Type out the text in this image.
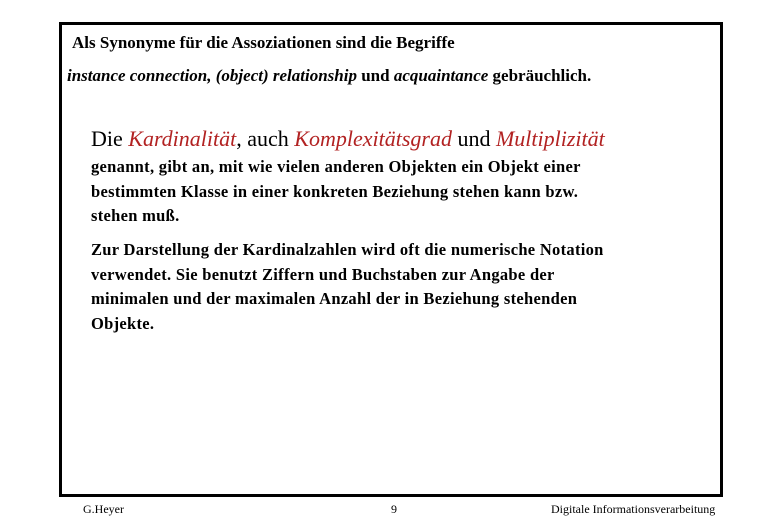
Als Synonyme für die Assoziationen sind die Begriffe
instance connection, (object) relationship und acquaintance gebräuchlich.
Die Kardinalität, auch Komplexitätsgrad und Multiplizität
genannt, gibt an, mit wie vielen anderen Objekten ein Objekt einer
bestimmten Klasse in einer konkreten Beziehung stehen kann bzw.
stehen muß.
Zur Darstellung der Kardinalzahlen wird oft die numerische Notation
verwendet. Sie benutzt Ziffern und Buchstaben zur Angabe der
minimalen und der maximalen Anzahl der in Beziehung stehenden
Objekte.
G.Heyer	9	Digitale Informationsverarbeitung
